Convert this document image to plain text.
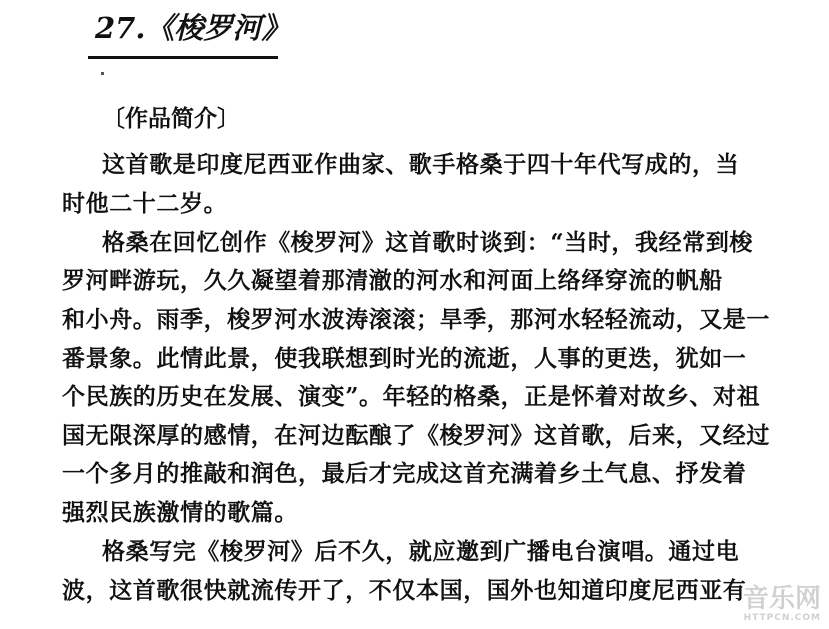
27.《梭罗河》
〔作品简介〕
这首歌是印度尼西亚作曲家、歌手格桑于四十年代写成的，当
时他二十二岁。
格桑在回忆创作《梭罗河》这首歌时谈到：“当时，我经常到梭
罗河畔游玩，久久凝望着那清澈的河水和河面上络绎穿流的帆船
和小舟。雨季，梭罗河水波涛滚滚；旱季，那河水轻轻流动，又是一
番景象。此情此景，使我联想到时光的流逝，人事的更迭，犹如一
个民族的历史在发展、演变”。年轻的格桑，正是怀着对故乡、对祖
国无限深厚的感情，在河边酝酿了《梭罗河》这首歌，后来，又经过
一个多月的推敲和润色，最后才完成这首充满着乡土气息、抒发着
强烈民族激情的歌篇。
格桑写完《梭罗河》后不久，就应邀到广播电台演唱。通过电
波，这首歌很快就流传开了，不仅本国，国外也知道印度尼西亚有
音乐网
HTTPCN.COM
